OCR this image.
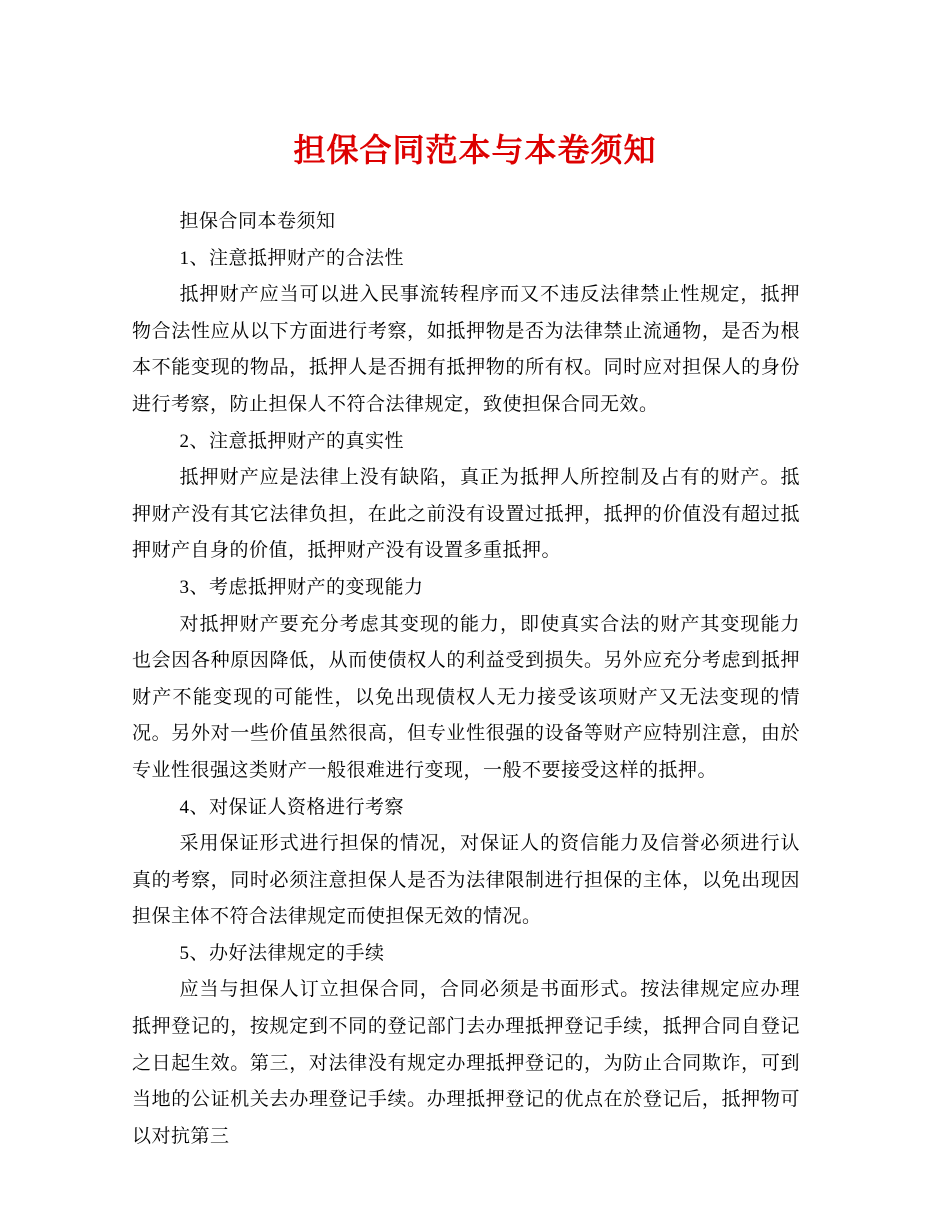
担保合同范本与本卷须知

担保合同本卷须知

1、注意抵押财产的合法性

抵押财产应当可以进入民事流转程序而又不违反法律禁止性规定，抵押物合法性应从以下方面进行考察，如抵押物是否为法律禁止流通物，是否为根本不能变现的物品，抵押人是否拥有抵押物的所有权。同时应对担保人的身份进行考察，防止担保人不符合法律规定，致使担保合同无效。

2、注意抵押财产的真实性

抵押财产应是法律上没有缺陷，真正为抵押人所控制及占有的财产。抵押财产没有其它法律负担，在此之前没有设置过抵押，抵押的价值没有超过抵押财产自身的价值，抵押财产没有设置多重抵押。

3、考虑抵押财产的变现能力

对抵押财产要充分考虑其变现的能力，即使真实合法的财产其变现能力也会因各种原因降低，从而使债权人的利益受到损失。另外应充分考虑到抵押财产不能变现的可能性，以免出现债权人无力接受该项财产又无法变现的情况。另外对一些价值虽然很高，但专业性很强的设备等财产应特别注意，由於专业性很强这类财产一般很难进行变现，一般不要接受这样的抵押。

4、对保证人资格进行考察

采用保证形式进行担保的情况，对保证人的资信能力及信誉必须进行认真的考察，同时必须注意担保人是否为法律限制进行担保的主体，以免出现因担保主体不符合法律规定而使担保无效的情况。

5、办好法律规定的手续

应当与担保人订立担保合同，合同必须是书面形式。按法律规定应办理抵押登记的，按规定到不同的登记部门去办理抵押登记手续，抵押合同自登记之日起生效。第三，对法律没有规定办理抵押登记的，为防止合同欺诈，可到当地的公证机关去办理登记手续。办理抵押登记的优点在於登记后，抵押物可以对抗第三
